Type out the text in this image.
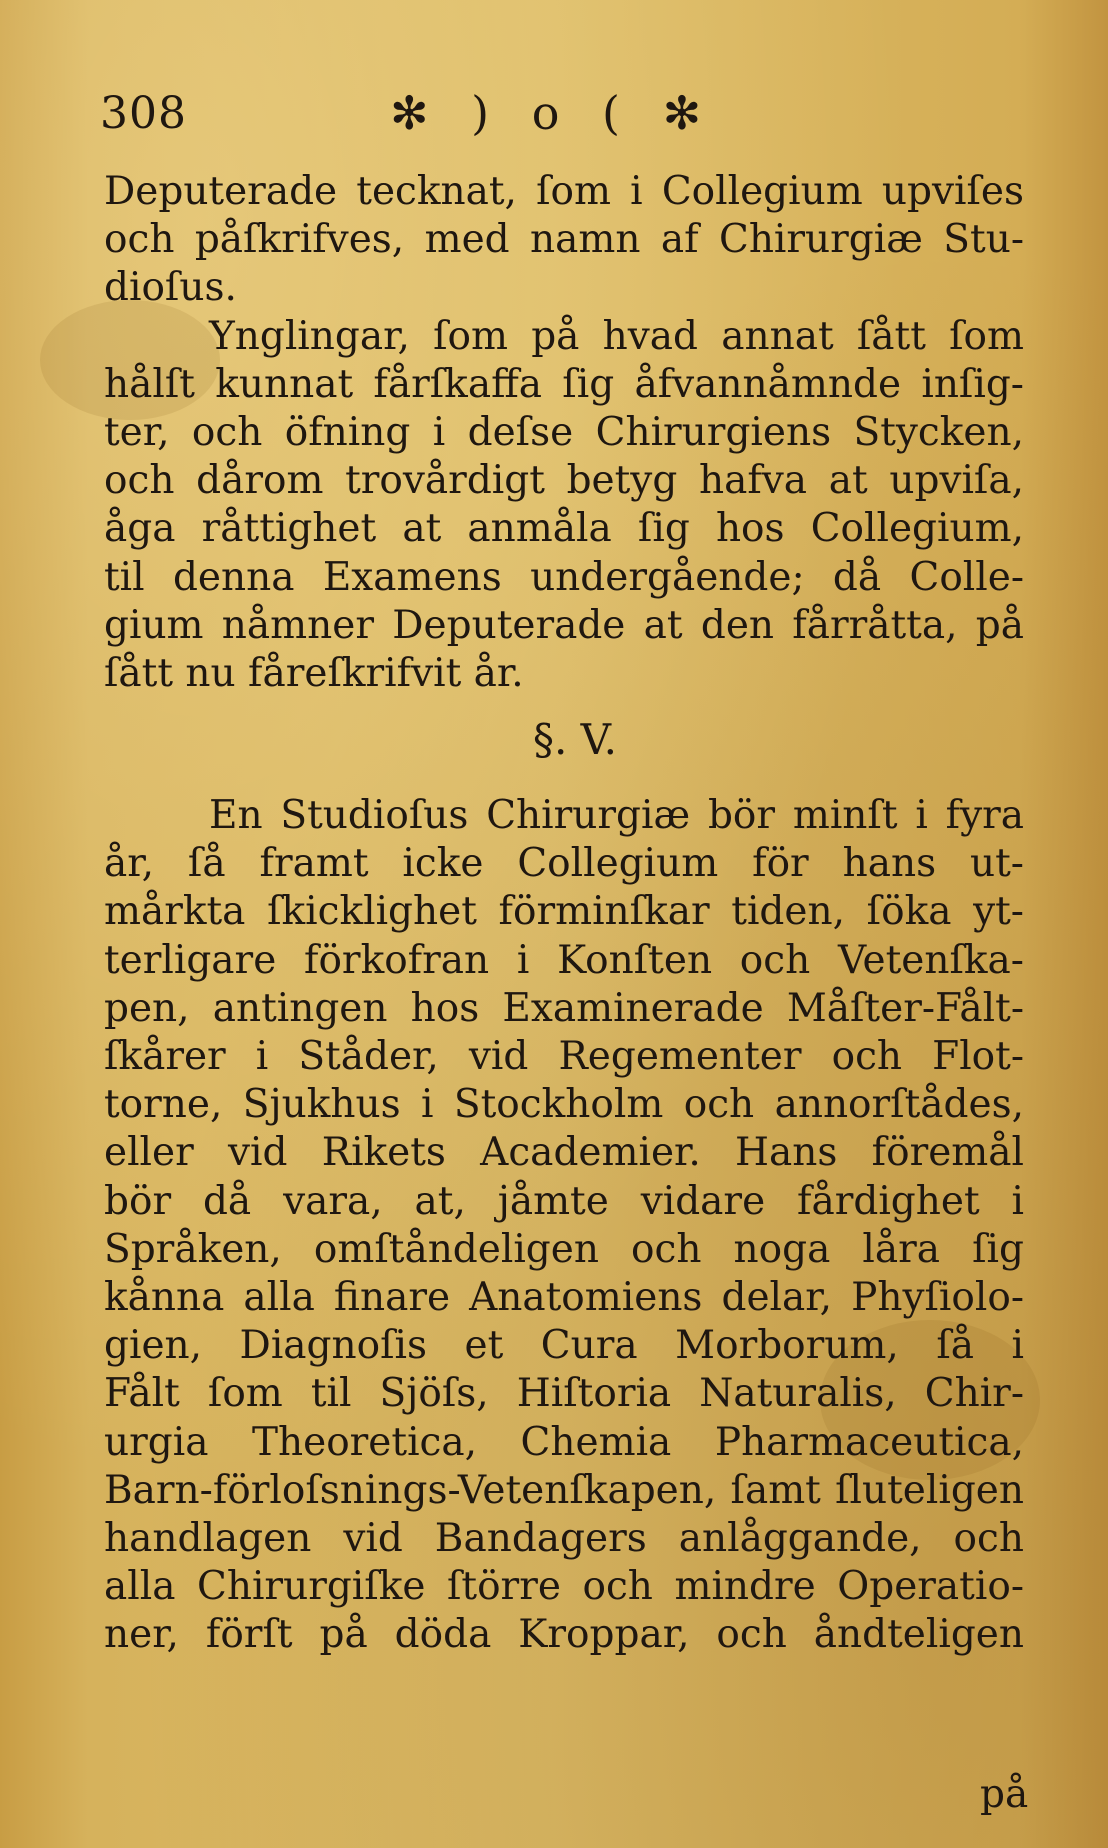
308	✻ ) o ( ✻
Deputerade tecknat, ſom i Collegium upviſes
och påſkrifves, med namn af Chirurgiæ Stu-
dioſus.
Ynglingar, ſom på hvad annat ſått ſom
hålſt kunnat fårſkaffa ſig åfvannåmnde inſig-
ter, och öfning i deſse Chirurgiens Stycken,
och dårom trovårdigt betyg hafva at upviſa,
åga råttighet at anmåla ſig hos Collegium,
til denna Examens undergående; då Colle-
gium nåmner Deputerade at den fårråtta, på
ſått nu fåreſkrifvit år.
§. V.
En Studioſus Chirurgiæ bör minſt i fyra
år, ſå framt icke Collegium för hans ut-
mårkta ſkicklighet förminſkar tiden, ſöka yt-
terligare förkofran i Konſten och Vetenſka-
pen, antingen hos Examinerade Måſter-Fålt-
ſkårer i Ståder, vid Regementer och Flot-
torne, Sjukhus i Stockholm och annorſtådes,
eller vid Rikets Academier. Hans föremål
bör då vara, at, jåmte vidare fårdighet i
Språken, omſtåndeligen och noga låra ſig
kånna alla finare Anatomiens delar, Phyſiolo-
gien, Diagnoſis et Cura Morborum, ſå i
Fålt ſom til Sjöſs, Hiſtoria Naturalis, Chir-
urgia Theoretica, Chemia Pharmaceutica,
Barn-förloſsnings-Vetenſkapen, ſamt ſluteligen
handlagen vid Bandagers anlåggande, och
alla Chirurgiſke ſtörre och mindre Operatio-
ner, förſt på döda Kroppar, och åndteligen
på
